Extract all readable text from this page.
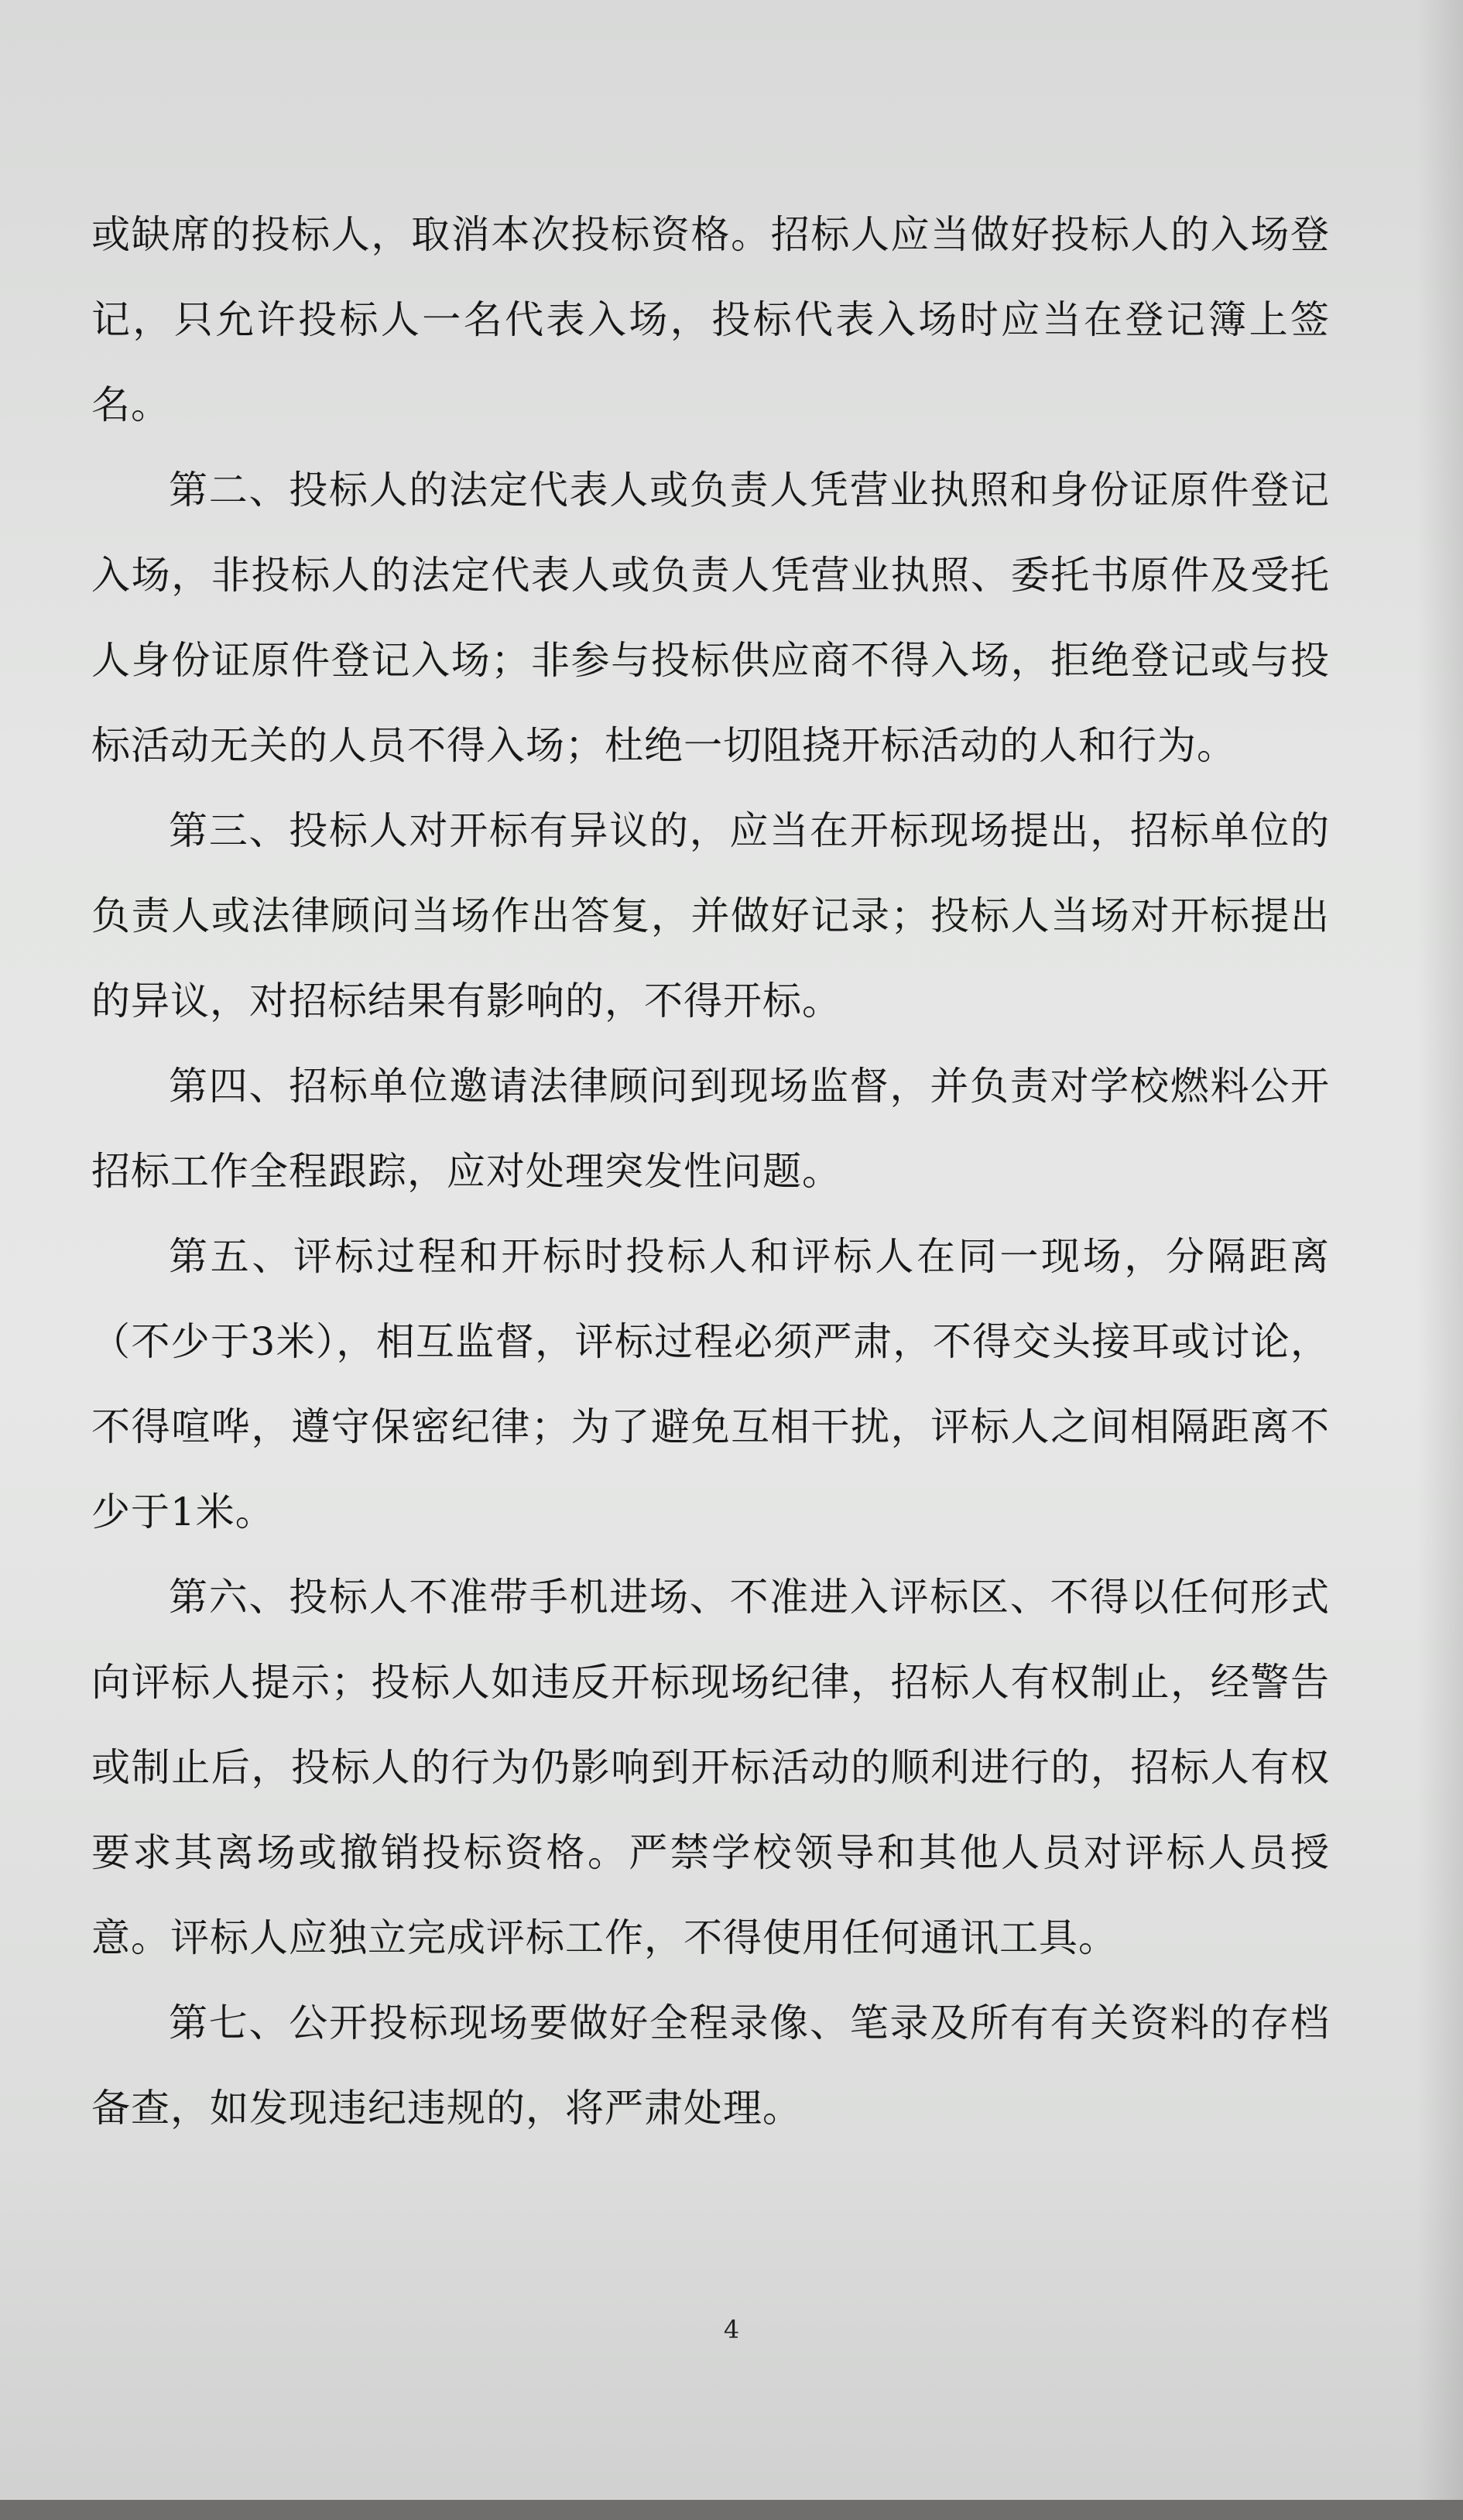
或缺席的投标人，取消本次投标资格。招标人应当做好投标人的入场登记，只允许投标人一名代表入场，投标代表入场时应当在登记簿上签名。

第二、投标人的法定代表人或负责人凭营业执照和身份证原件登记入场，非投标人的法定代表人或负责人凭营业执照、委托书原件及受托人身份证原件登记入场；非参与投标供应商不得入场，拒绝登记或与投标活动无关的人员不得入场；杜绝一切阻挠开标活动的人和行为。

第三、投标人对开标有异议的，应当在开标现场提出，招标单位的负责人或法律顾问当场作出答复，并做好记录；投标人当场对开标提出的异议，对招标结果有影响的，不得开标。

第四、招标单位邀请法律顾问到现场监督，并负责对学校燃料公开招标工作全程跟踪，应对处理突发性问题。

第五、评标过程和开标时投标人和评标人在同一现场，分隔距离（不少于3米），相互监督，评标过程必须严肃，不得交头接耳或讨论，不得喧哗，遵守保密纪律；为了避免互相干扰，评标人之间相隔距离不少于1米。

第六、投标人不准带手机进场、不准进入评标区、不得以任何形式向评标人提示；投标人如违反开标现场纪律，招标人有权制止，经警告或制止后，投标人的行为仍影响到开标活动的顺利进行的，招标人有权要求其离场或撤销投标资格。严禁学校领导和其他人员对评标人员授意。评标人应独立完成评标工作，不得使用任何通讯工具。

第七、公开投标现场要做好全程录像、笔录及所有有关资料的存档备查，如发现违纪违规的，将严肃处理。

4
